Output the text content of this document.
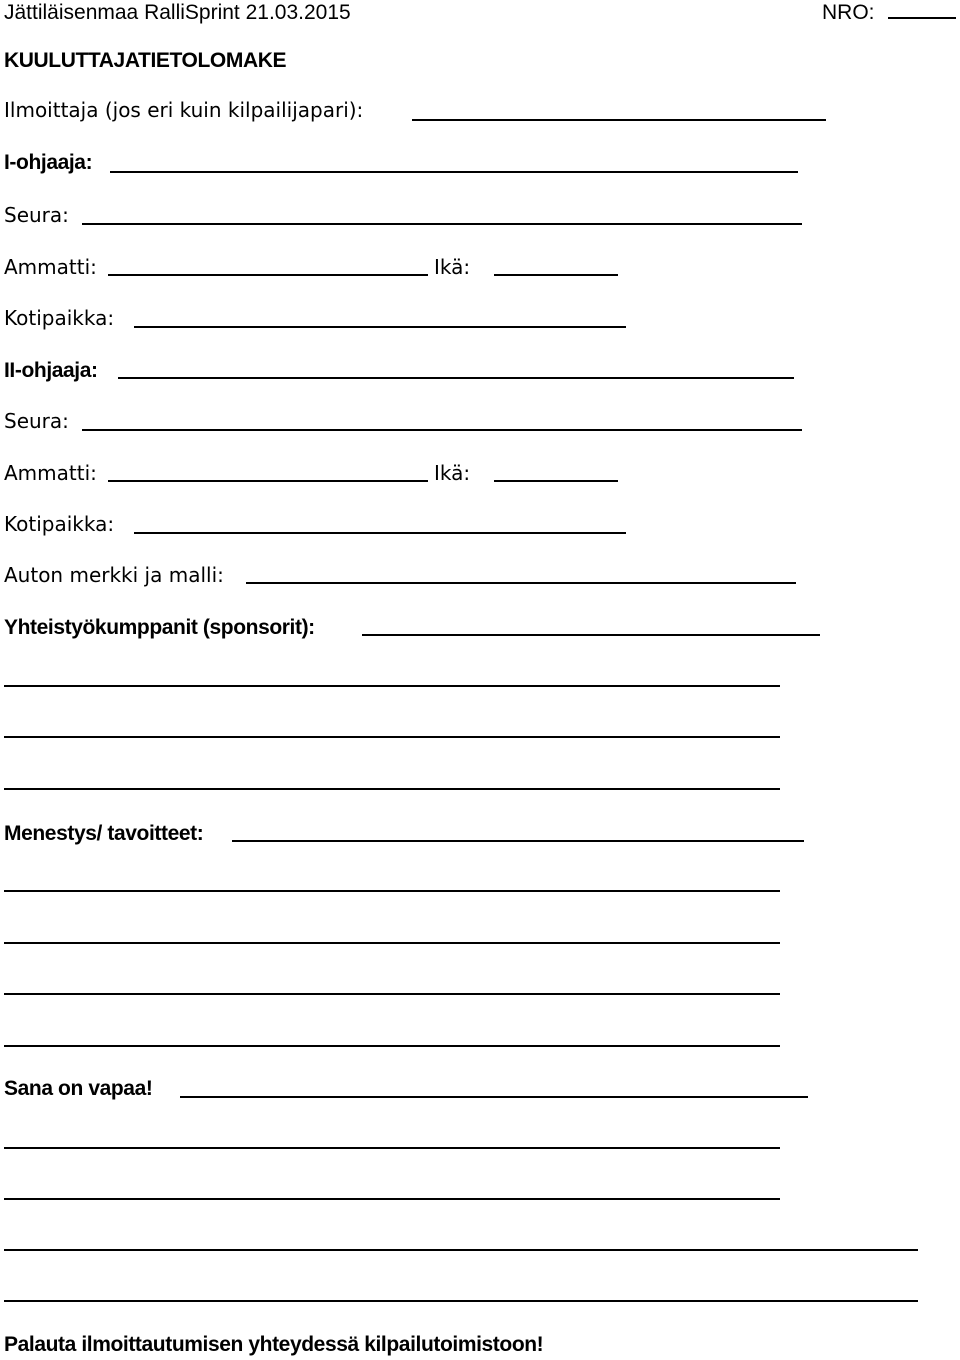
Jättiläisenmaa RalliSprint 21.03.2015	NRO:
KUULUTTAJATIETOLOMAKE
Ilmoittaja (jos eri kuin kilpailijapari):
I-ohjaaja:
Seura:
Ammatti:	Ikä:
Kotipaikka:
II-ohjaaja:
Seura:
Ammatti:	Ikä:
Kotipaikka:
Auton merkki ja malli:
Yhteistyökumppanit (sponsorit):
Menestys/ tavoitteet:
Sana on vapaa!
Palauta ilmoittautumisen yhteydessä kilpailutoimistoon!
